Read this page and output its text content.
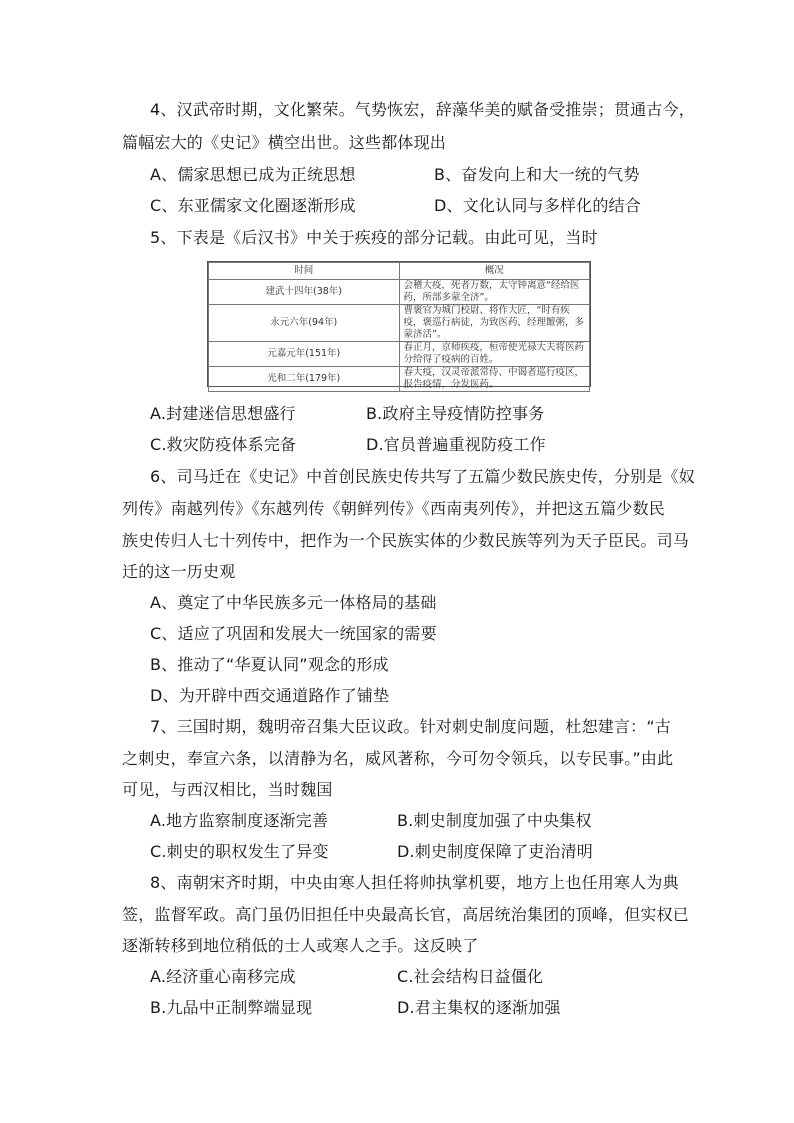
4、汉武帝时期，文化繁荣。气势恢宏，辞藻华美的赋备受推崇；贯通古今，
篇幅宏大的《史记》横空出世。这些都体现出
A、儒家思想已成为正统思想	B、奋发向上和大一统的气势
C、东亚儒家文化圈逐渐形成	D、文化认同与多样化的结合
5、下表是《后汉书》中关于疾疫的部分记载。由此可见，当时
时间	概况
建武十四年(38年)	会稽大疫，死者万数，太守钟离意“经给医药，所部多蒙全济”。
永元六年(94年)	曹褒官为城门校尉、将作大匠，“时有疾疫，褒巡行病徒，为致医药，经理饘粥，多蒙济活”。
元嘉元年(151年)	春正月，京师疾疫，桓帝使光禄大夫将医药分给得了疫病的百姓。
光和二年(179年)	春大疫，汉灵帝派常侍、中谒者巡行疫区，报告疫情，分发医药。
A.封建迷信思想盛行	B.政府主导疫情防控事务
C.救灾防疫体系完备	D.官员普遍重视防疫工作
6、司马迁在《史记》中首创民族史传共写了五篇少数民族史传，分别是《奴
列传》南越列传》《东越列传《朝鲜列传》《西南夷列传》，并把这五篇少数民
族史传归人七十列传中，把作为一个民族实体的少数民族等列为天子臣民。司马
迁的这一历史观
A、奠定了中华民族多元一体格局的基础
C、适应了巩固和发展大一统国家的需要
B、推动了“华夏认同”观念的形成
D、为开辟中西交通道路作了铺垫
7、三国时期，魏明帝召集大臣议政。针对刺史制度问题，杜恕建言：“古
之刺史，奉宣六条，以清静为名，威风著称，今可勿令领兵，以专民事。”由此
可见，与西汉相比，当时魏国
A.地方监察制度逐渐完善	B.刺史制度加强了中央集权
C.刺史的职权发生了异变	D.刺史制度保障了吏治清明
8、南朝宋齐时期，中央由寒人担任将帅执掌机要，地方上也任用寒人为典
签，监督军政。高门虽仍旧担任中央最高长官，高居统治集团的顶峰，但实权已
逐渐转移到地位稍低的士人或寒人之手。这反映了
A.经济重心南移完成	C.社会结构日益僵化
B.九品中正制弊端显现	D.君主集权的逐渐加强
